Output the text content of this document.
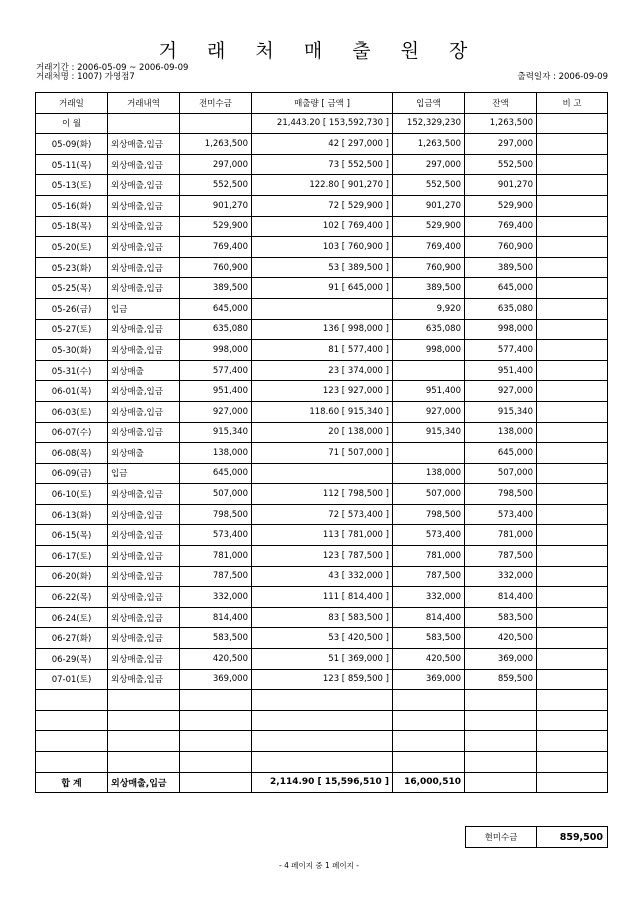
거 래 처 매 출 원 장
거래기간 : 2006-05-09 ~ 2006-09-09
거래처명 : 1007) 가영점7	출력일자 : 2006-09-09
거래일	거래내역	전미수금	매출량 [ 금액 ]	입금액	잔액	비 고
이 월			21,443.20 [ 153,592,730 ]	152,329,230	1,263,500	
05-09(화)	외상매출,입금	1,263,500	42 [ 297,000 ]	1,263,500	297,000	
05-11(목)	외상매출,입금	297,000	73 [ 552,500 ]	297,000	552,500	
05-13(토)	외상매출,입금	552,500	122.80 [ 901,270 ]	552,500	901,270	
05-16(화)	외상매출,입금	901,270	72 [ 529,900 ]	901,270	529,900	
05-18(목)	외상매출,입금	529,900	102 [ 769,400 ]	529,900	769,400	
05-20(토)	외상매출,입금	769,400	103 [ 760,900 ]	769,400	760,900	
05-23(화)	외상매출,입금	760,900	53 [ 389,500 ]	760,900	389,500	
05-25(목)	외상매출,입금	389,500	91 [ 645,000 ]	389,500	645,000	
05-26(금)	입금	645,000		9,920	635,080	
05-27(토)	외상매출,입금	635,080	136 [ 998,000 ]	635,080	998,000	
05-30(화)	외상매출,입금	998,000	81 [ 577,400 ]	998,000	577,400	
05-31(수)	외상매출	577,400	23 [ 374,000 ]		951,400	
06-01(목)	외상매출,입금	951,400	123 [ 927,000 ]	951,400	927,000	
06-03(토)	외상매출,입금	927,000	118.60 [ 915,340 ]	927,000	915,340	
06-07(수)	외상매출,입금	915,340	20 [ 138,000 ]	915,340	138,000	
06-08(목)	외상매출	138,000	71 [ 507,000 ]		645,000	
06-09(금)	입금	645,000		138,000	507,000	
06-10(토)	외상매출,입금	507,000	112 [ 798,500 ]	507,000	798,500	
06-13(화)	외상매출,입금	798,500	72 [ 573,400 ]	798,500	573,400	
06-15(목)	외상매출,입금	573,400	113 [ 781,000 ]	573,400	781,000	
06-17(토)	외상매출,입금	781,000	123 [ 787,500 ]	781,000	787,500	
06-20(화)	외상매출,입금	787,500	43 [ 332,000 ]	787,500	332,000	
06-22(목)	외상매출,입금	332,000	111 [ 814,400 ]	332,000	814,400	
06-24(토)	외상매출,입금	814,400	83 [ 583,500 ]	814,400	583,500	
06-27(화)	외상매출,입금	583,500	53 [ 420,500 ]	583,500	420,500	
06-29(목)	외상매출,입금	420,500	51 [ 369,000 ]	420,500	369,000	
07-01(토)	외상매출,입금	369,000	123 [ 859,500 ]	369,000	859,500	

합 계	외상매출,입금		2,114.90 [ 15,596,510 ]	16,000,510		
현미수금	859,500
- 4 페이지 중 1 페이지 -
